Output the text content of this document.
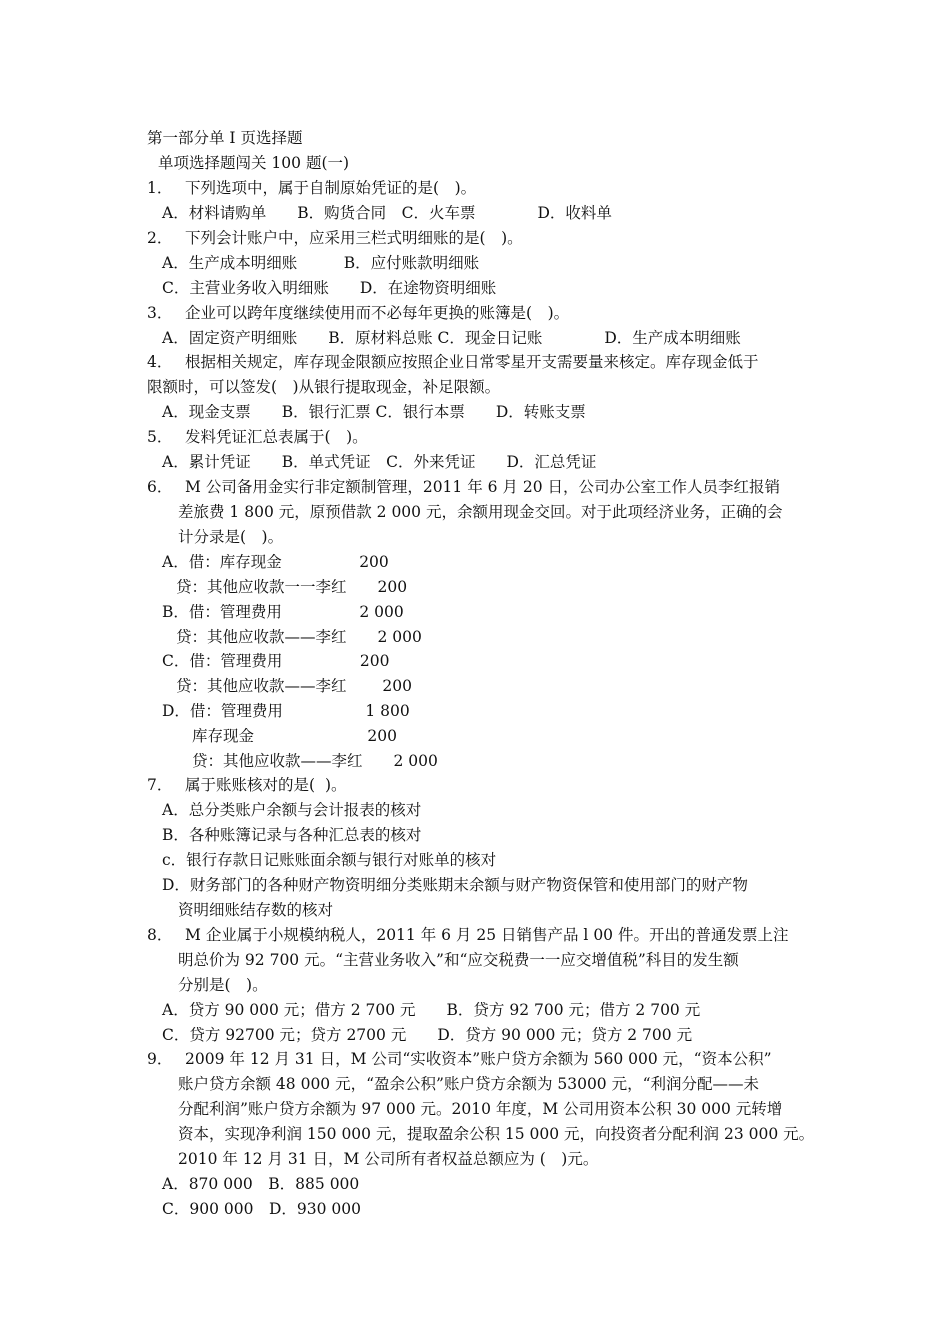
第一部分单 I 页选择题
单项选择题闯关 100 题(一)
1．　 下列选项中，属于自制原始凭证的是(　)。
A．材料请购单　　B．购货合同　C．火车票　　　　D．收料单
2．　 下列会计账户中，应采用三栏式明细账的是(　)。
A．生产成本明细账　　　B．应付账款明细账
C．主营业务收入明细账　　D．在途物资明细账
3．　 企业可以跨年度继续使用而不必每年更换的账簿是(　)。
A．固定资产明细账　　B．原材料总账 C．现金日记账　　　　D．生产成本明细账
4．　 根据相关规定，库存现金限额应按照企业日常零星开支需要量来核定。库存现金低于
限额时，可以签发(　)从银行提取现金，补足限额。
A．现金支票　　B．银行汇票 C．银行本票　　D．转账支票
5．　 发料凭证汇总表属于(　)。
A．累计凭证　　B．单式凭证　C．外来凭证　　D．汇总凭证
6．　 M 公司备用金实行非定额制管理，2011 年 6 月 20 日，公司办公室工作人员李红报销
差旅费 1 800 元，原预借款 2 000 元，余额用现金交回。对于此项经济业务，正确的会
计分录是(　)。
A．借：库存现金　　　　　200
贷：其他应收款一一李红　　200
B．借：管理费用　　　　　2 000
贷：其他应收款——李红　　2 000
C．借：管理费用　　　　　200
贷：其他应收款——李红　　 200
D．借：管理费用　　　　　 1 800
库存现金　　　　　　　 200
贷：其他应收款——李红　　2 000
7．　 属于账账核对的是(  )。
A．总分类账户余额与会计报表的核对
B．各种账簿记录与各种汇总表的核对
c．银行存款日记账账面余额与银行对账单的核对
D．财务部门的各种财产物资明细分类账期末余额与财产物资保管和使用部门的财产物
资明细账结存数的核对
8．　 M 企业属于小规模纳税人，2011 年 6 月 25 日销售产品 l 00 件。开出的普通发票上注
明总价为 92 700 元。“主营业务收入”和“应交税费一一应交增值税”科目的发生额
分别是(　)。
A．贷方 90 000 元；借方 2 700 元　　B．贷方 92 700 元；借方 2 700 元
C．贷方 92700 元；贷方 2700 元　　D．贷方 90 000 元；贷方 2 700 元
9．　 2009 年 12 月 31 日，M 公司“实收资本”账户贷方余额为 560 000 元，“资本公积”
账户贷方余额 48 000 元，“盈余公积”账户贷方余额为 53000 元，“利润分配——未
分配利润”账户贷方余额为 97 000 元。2010 年度，M 公司用资本公积 30 000 元转增
资本，实现净利润 150 000 元，提取盈余公积 15 000 元，向投资者分配利润 23 000 元。
2010 年 12 月 31 日，M 公司所有者权益总额应为 (　)元。
A．870 000　B．885 000
C．900 000　D．930 000
